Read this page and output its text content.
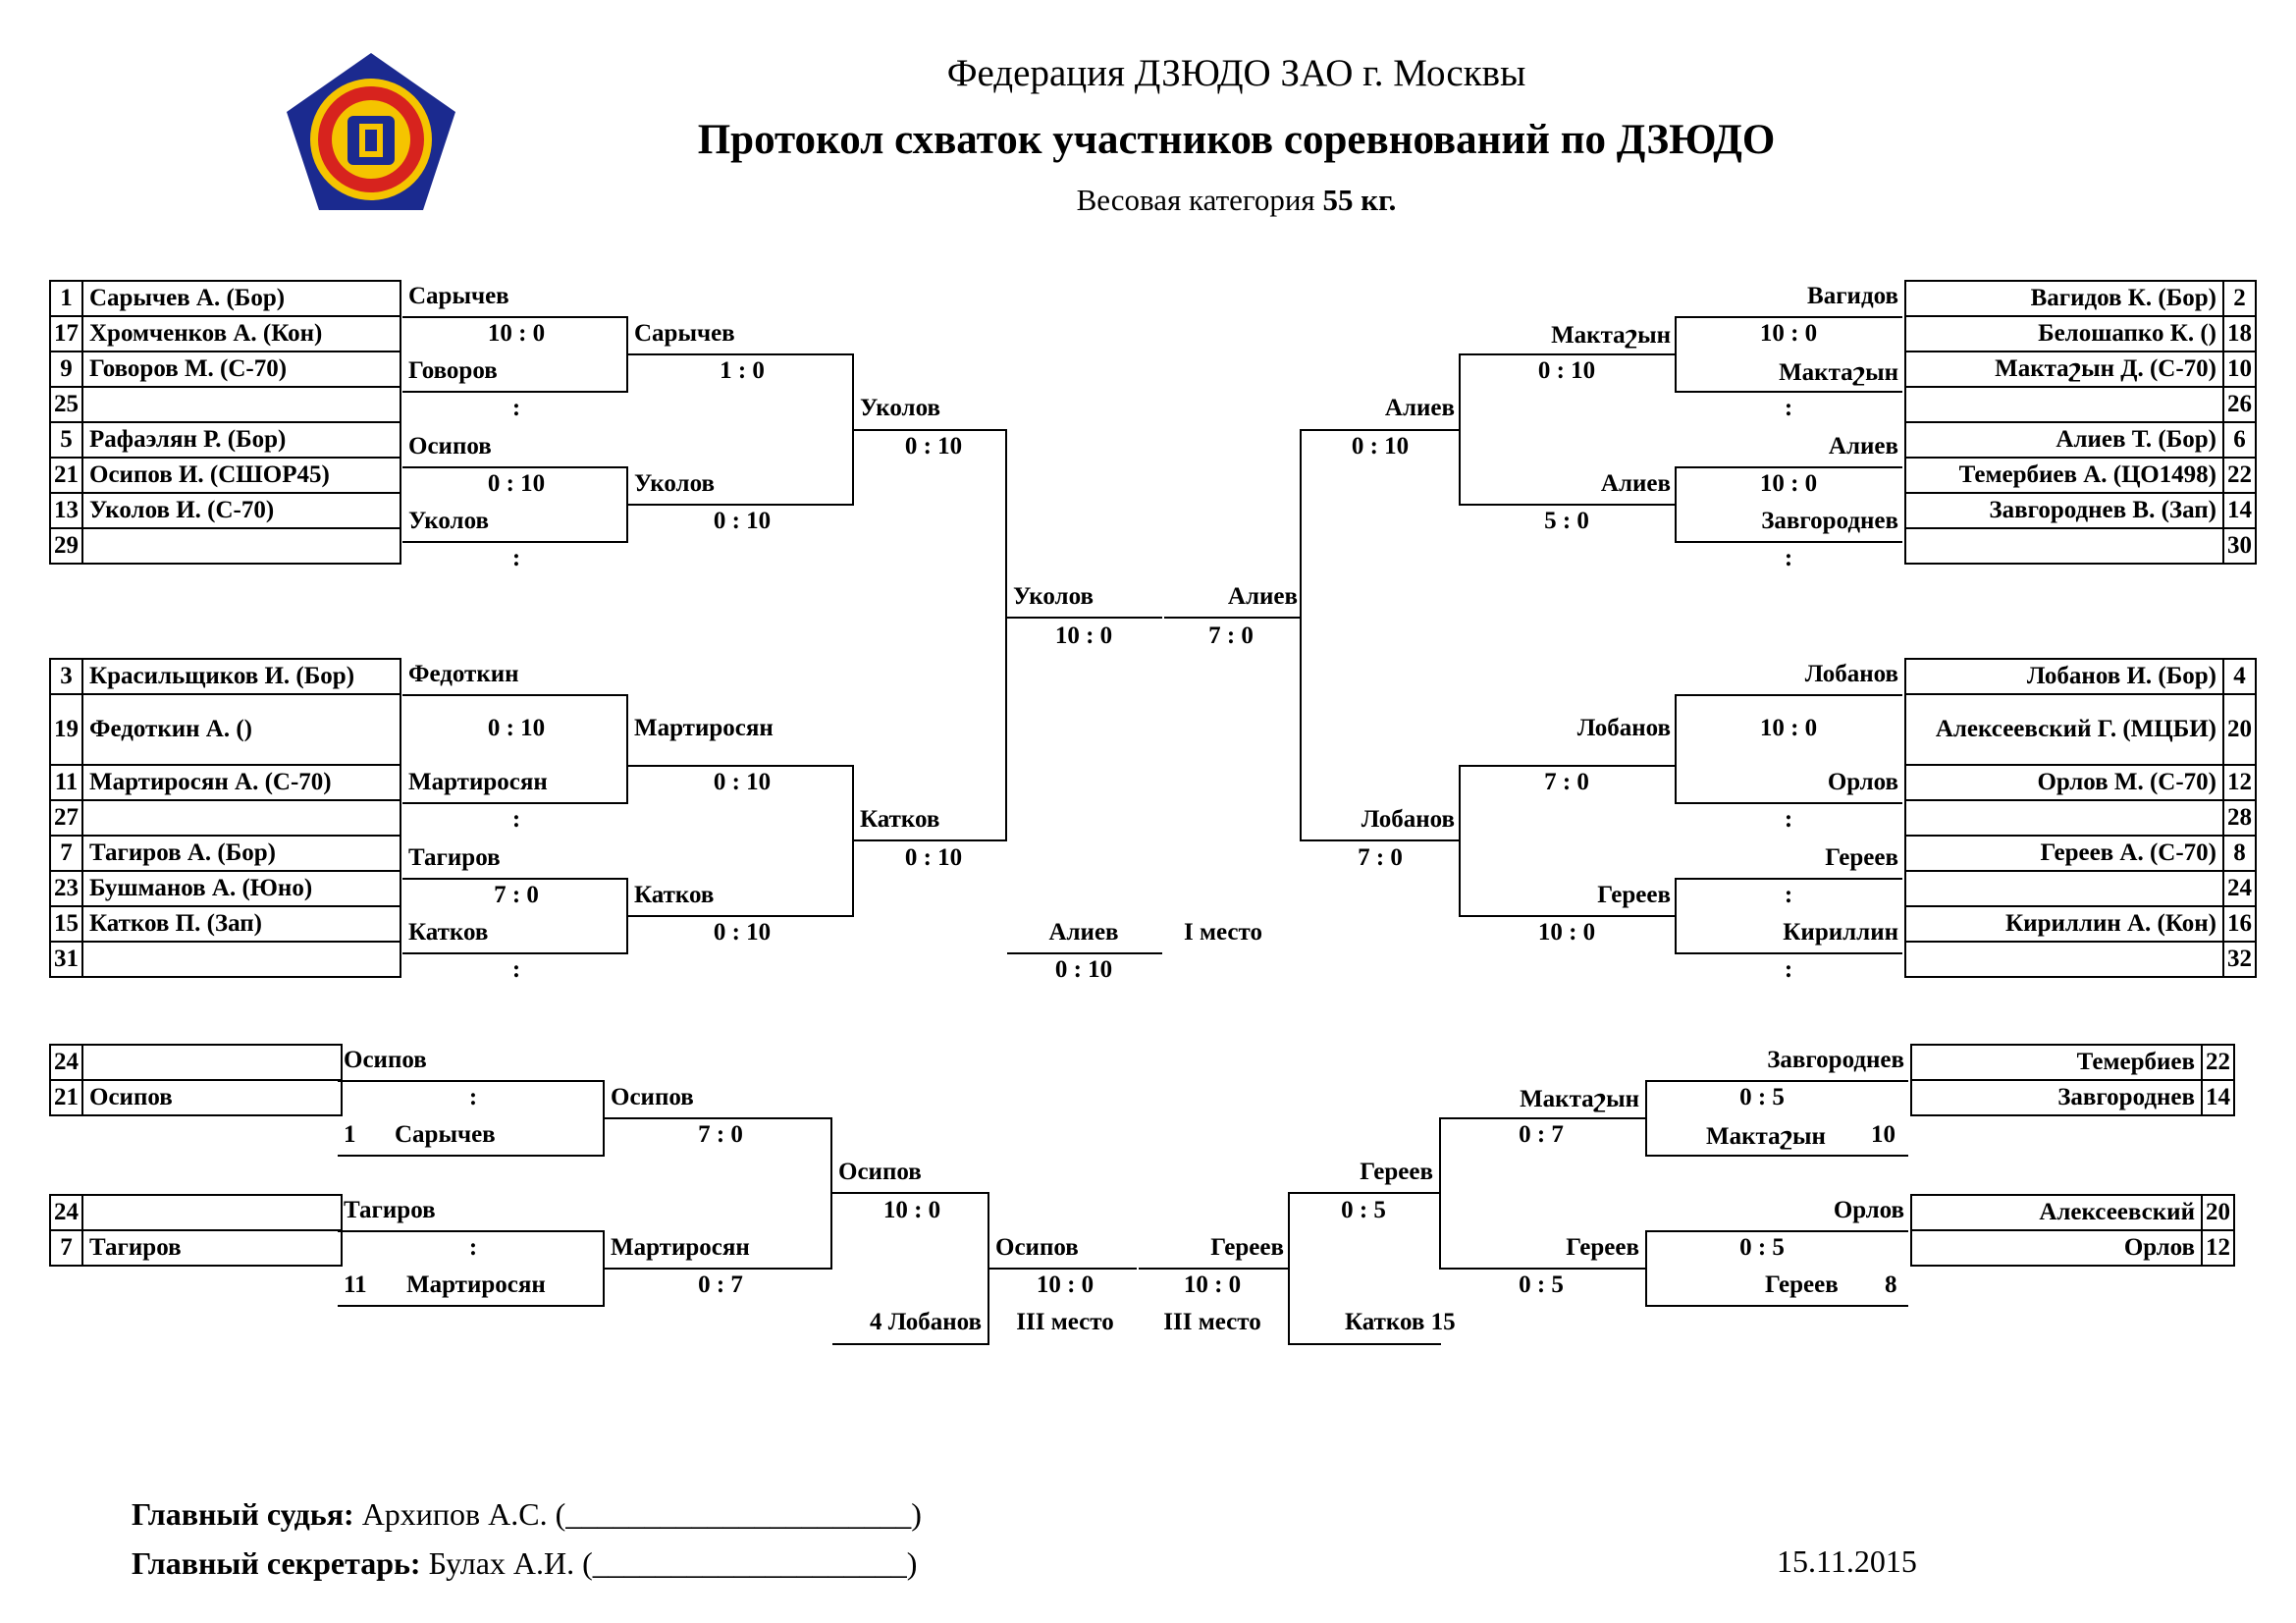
Федерация ДЗЮДО ЗАО г. Москвы
Протокол схваток участников соревнований по ДЗЮДО
Весовая категория 55 кг.
1	Сарычев А. (Бор)
17	Хромченков А. (Кон)
9	Говоров М. (С-70)
25	
5	Рафаэлян Р. (Бор)
21	Осипов И. (СШОР45)
13	Уколов И. (С-70)
29	
Сарычев
10 : 0
Говоров
:
Осипов
0 : 10
Уколов
:
Сарычев
1 : 0
Уколов
0 : 10
Уколов
0 : 10
3	Красильщиков И. (Бор)
19	Федоткин А. ()
11	Мартиросян А. (С-70)
27	
7	Тагиров А. (Бор)
23	Бушманов А. (Юно)
15	Катков П. (Зап)
31	
Федоткин
0 : 10
Мартиросян
:
Тагиров
7 : 0
Катков
:
Мартиросян
0 : 10
Катков
0 : 10
Катков
0 : 10
Уколов
10 : 0
Алиев
7 : 0
Алиев	I место
0 : 10
Вагидов К. (Бор)	2
Белошапко К. ()	18
Мактаշын Д. (С-70)	10
	26
Алиев Т. (Бор)	6
Темербиев А. (ЦО1498)	22
Завгороднев В. (Зап)	14
	30
Вагидов
10 : 0
Мактаշын
:
Алиев
10 : 0
Завгороднев
:
Мактаշын
0 : 10
Алиев
5 : 0
Алиев
0 : 10
Лобанов И. (Бор)	4
Алексеевский Г. (МЦБИ)	20
Орлов М. (С-70)	12
	28
Гереев А. (С-70)	8
	24
Кириллин А. (Кон)	16
	32
Лобанов
10 : 0
Орлов
:
Гереев
:
Кириллин
:
Лобанов
7 : 0
Гереев
10 : 0
Лобанов
7 : 0
24	
21	Осипов
24	
7	Тагиров
Осипов
:
1 Сарычев
Тагиров
:
11 Мартиросян
Осипов
7 : 0
Мартиросян
0 : 7
Осипов
10 : 0
4 Лобанов
Осипов
10 : 0
III место
Темербиев	22
Завгороднев	14
Алексеевский	20
Орлов	12
Завгороднев
0 : 5
Мактаշын 10
Орлов
0 : 5
Гереев 8
Мактаշын
0 : 7
Гереев
0 : 5
Гереев
0 : 5
Катков 15
Гереев
10 : 0
III место
Главный судья: Архипов А.С. (______________________)
Главный секретарь: Булах А.И. (____________________)	15.11.2015
